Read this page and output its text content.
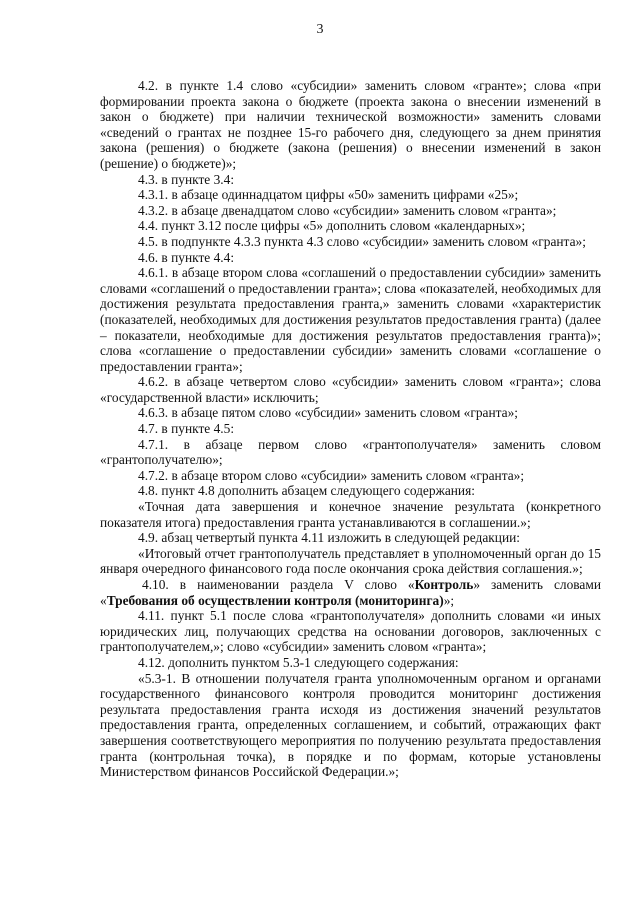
3

4.2. в пункте 1.4 слово «субсидии» заменить словом «гранте»; слова «при формировании проекта закона о бюджете (проекта закона о внесении изменений в закон о бюджете) при наличии технической возможности» заменить словами «сведений о грантах не позднее 15-го рабочего дня, следующего за днем принятия закона (решения) о бюджете (закона (решения) о внесении изменений в закон (решение) о бюджете)»;

4.3. в пункте 3.4:

4.3.1. в абзаце одиннадцатом цифры «50» заменить цифрами «25»;

4.3.2. в абзаце двенадцатом слово «субсидии» заменить словом «гранта»;

4.4. пункт 3.12 после цифры «5» дополнить словом «календарных»;

4.5. в подпункте 4.3.3 пункта 4.3 слово «субсидии» заменить словом «гранта»;

4.6. в пункте 4.4:

4.6.1. в абзаце втором слова «соглашений о предоставлении субсидии» заменить словами «соглашений о предоставлении гранта»; слова «показателей, необходимых для достижения результата предоставления гранта,» заменить словами «характеристик (показателей, необходимых для достижения результатов предоставления гранта) (далее – показатели, необходимые для достижения результатов предоставления гранта)»; слова «соглашение о предоставлении субсидии» заменить словами «соглашение о предоставлении гранта»;

4.6.2. в абзаце четвертом слово «субсидии» заменить словом «гранта»; слова «государственной власти» исключить;

4.6.3. в абзаце пятом слово «субсидии» заменить словом «гранта»;

4.7. в пункте 4.5:

4.7.1. в абзаце первом слово «грантополучателя» заменить словом «грантополучателю»;

4.7.2. в абзаце втором слово «субсидии» заменить словом «гранта»;

4.8. пункт 4.8 дополнить абзацем следующего содержания:

«Точная дата завершения и конечное значение результата (конкретного показателя итога) предоставления гранта устанавливаются в соглашении.»;

4.9. абзац четвертый пункта 4.11 изложить в следующей редакции:

«Итоговый отчет грантополучатель представляет в уполномоченный орган до 15 января очередного финансового года после окончания срока действия соглашения.»;

4.10. в наименовании раздела V слово «Контроль» заменить словами «Требования об осуществлении контроля (мониторинга)»;

4.11. пункт 5.1 после слова «грантополучателя» дополнить словами «и иных юридических лиц, получающих средства на основании договоров, заключенных с грантополучателем,»; слово «субсидии» заменить словом «гранта»;

4.12. дополнить пунктом 5.3-1 следующего содержания:

«5.3-1. В отношении получателя гранта уполномоченным органом и органами государственного финансового контроля проводится мониторинг достижения результата предоставления гранта исходя из достижения значений результатов предоставления гранта, определенных соглашением, и событий, отражающих факт завершения соответствующего мероприятия по получению результата предоставления гранта (контрольная точка), в порядке и по формам, которые установлены Министерством финансов Российской Федерации.»;
